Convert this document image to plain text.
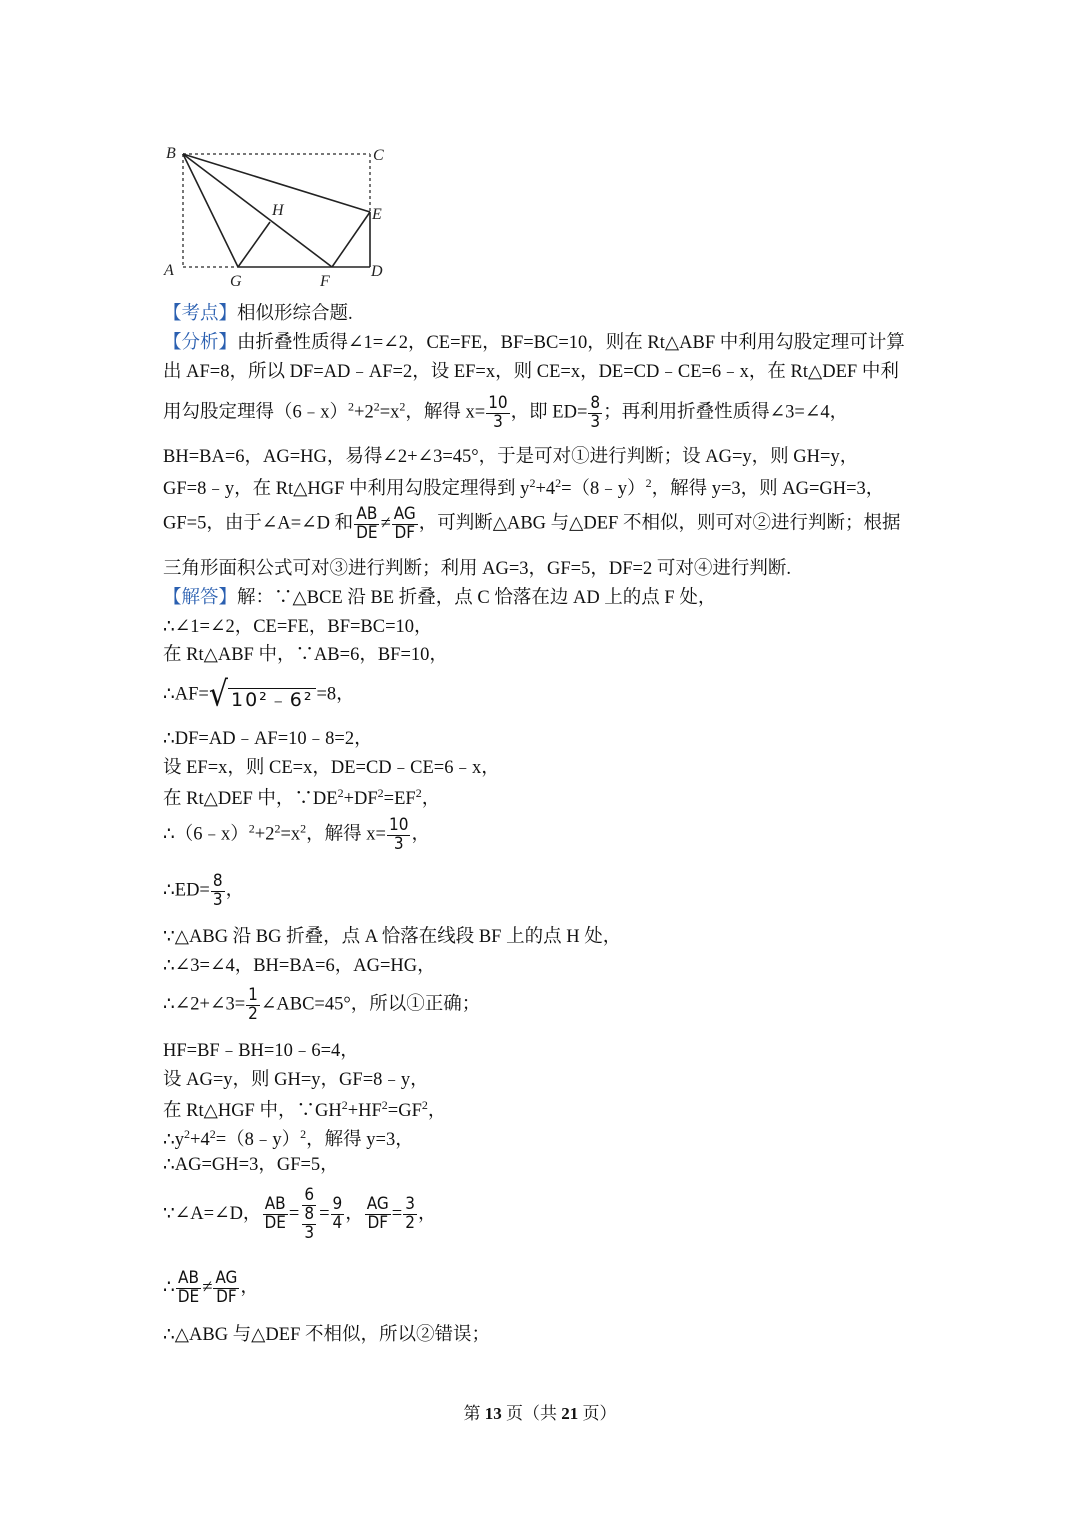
B	C
H	E
A
G	F
D
【考点】相似形综合题.
【分析】由折叠性质得∠1=∠2，CE=FE，BF=BC=10，则在 Rt△ABF 中利用勾股定理可计算
出 AF=8，所以 DF=AD﹣AF=2，设 EF=x，则 CE=x，DE=CD﹣CE=6﹣x，在 Rt△DEF 中利
用勾股定理得$(6﹣x)^2+2^2=x^2$，解得 $x= \frac{10}{3}$ ，即 $ED= \frac{8}{3}$ ；再利用折叠性质得∠3=∠4，
BH=BA=6，AG=HG，易得∠2+∠3=45°，于是可对①进行判断；设 AG=y，则 GH=y，
GF=8﹣y，在 Rt△HGF 中利用勾股定理得到 $y^2+4^2=(8﹣y)^2$，解得 y=3，则 AG=GH=3，
GF=5，由于∠A=∠D 和 $\frac{AB}{DE} \ne \frac{AG}{DF}$ ，可判断△ABG 与△DEF 不相似，则可对②进行判断；根据
三角形面积公式可对③进行判断；利用 AG=3，GF=5，DF=2 可对④进行判断.
【解答】解：∵△BCE 沿 BE 折叠，点 C 恰落在边 AD 上的点 F 处，
∴∠1=∠2，CE=FE，BF=BC=10，
在 Rt△ABF 中，∵AB=6，BF=10，
∴AF= √ 10²﹣6² =8，
∴DF=AD﹣AF=10﹣8=2，
设 EF=x，则 CE=x，DE=CD﹣CE=6﹣x，
在 Rt△DEF 中，$\because DE^2+DF^2=EF^2$，
$\therefore(6﹣x)^2+2^2=x^2$，解得 $x= \frac{10}{3}$ ，
∴ED= $\frac{8}{3}$ ，
∵△ABG 沿 BG 折叠，点 A 恰落在线段 BF 上的点 H 处，
∴∠3=∠4，BH=BA=6，AG=HG，
∴∠2+∠3= $\frac{1}{2}$ ∠ABC=45°，所以①正确；
HF=BF﹣BH=10﹣6=4，
设 AG=y，则 GH=y，GF=8﹣y，
在 Rt△HGF 中，$\because GH^2+HF^2=GF^2$，
$\therefore y^2+4^2=(8﹣y)^2$，解得 y=3，
∴AG=GH=3，GF=5，
∵∠A=∠D， $\frac{AB}{DE} = 6$
8
$3 = \frac{9}{4}$ ， $\frac{AG}{DF} = \frac{3}{2}$ ，
∴ $\frac{AB}{DE} \ne \frac{AG}{DF}$ ，
∴△ABG 与△DEF 不相似，所以②错误；
第 13 页（共 21 页）
